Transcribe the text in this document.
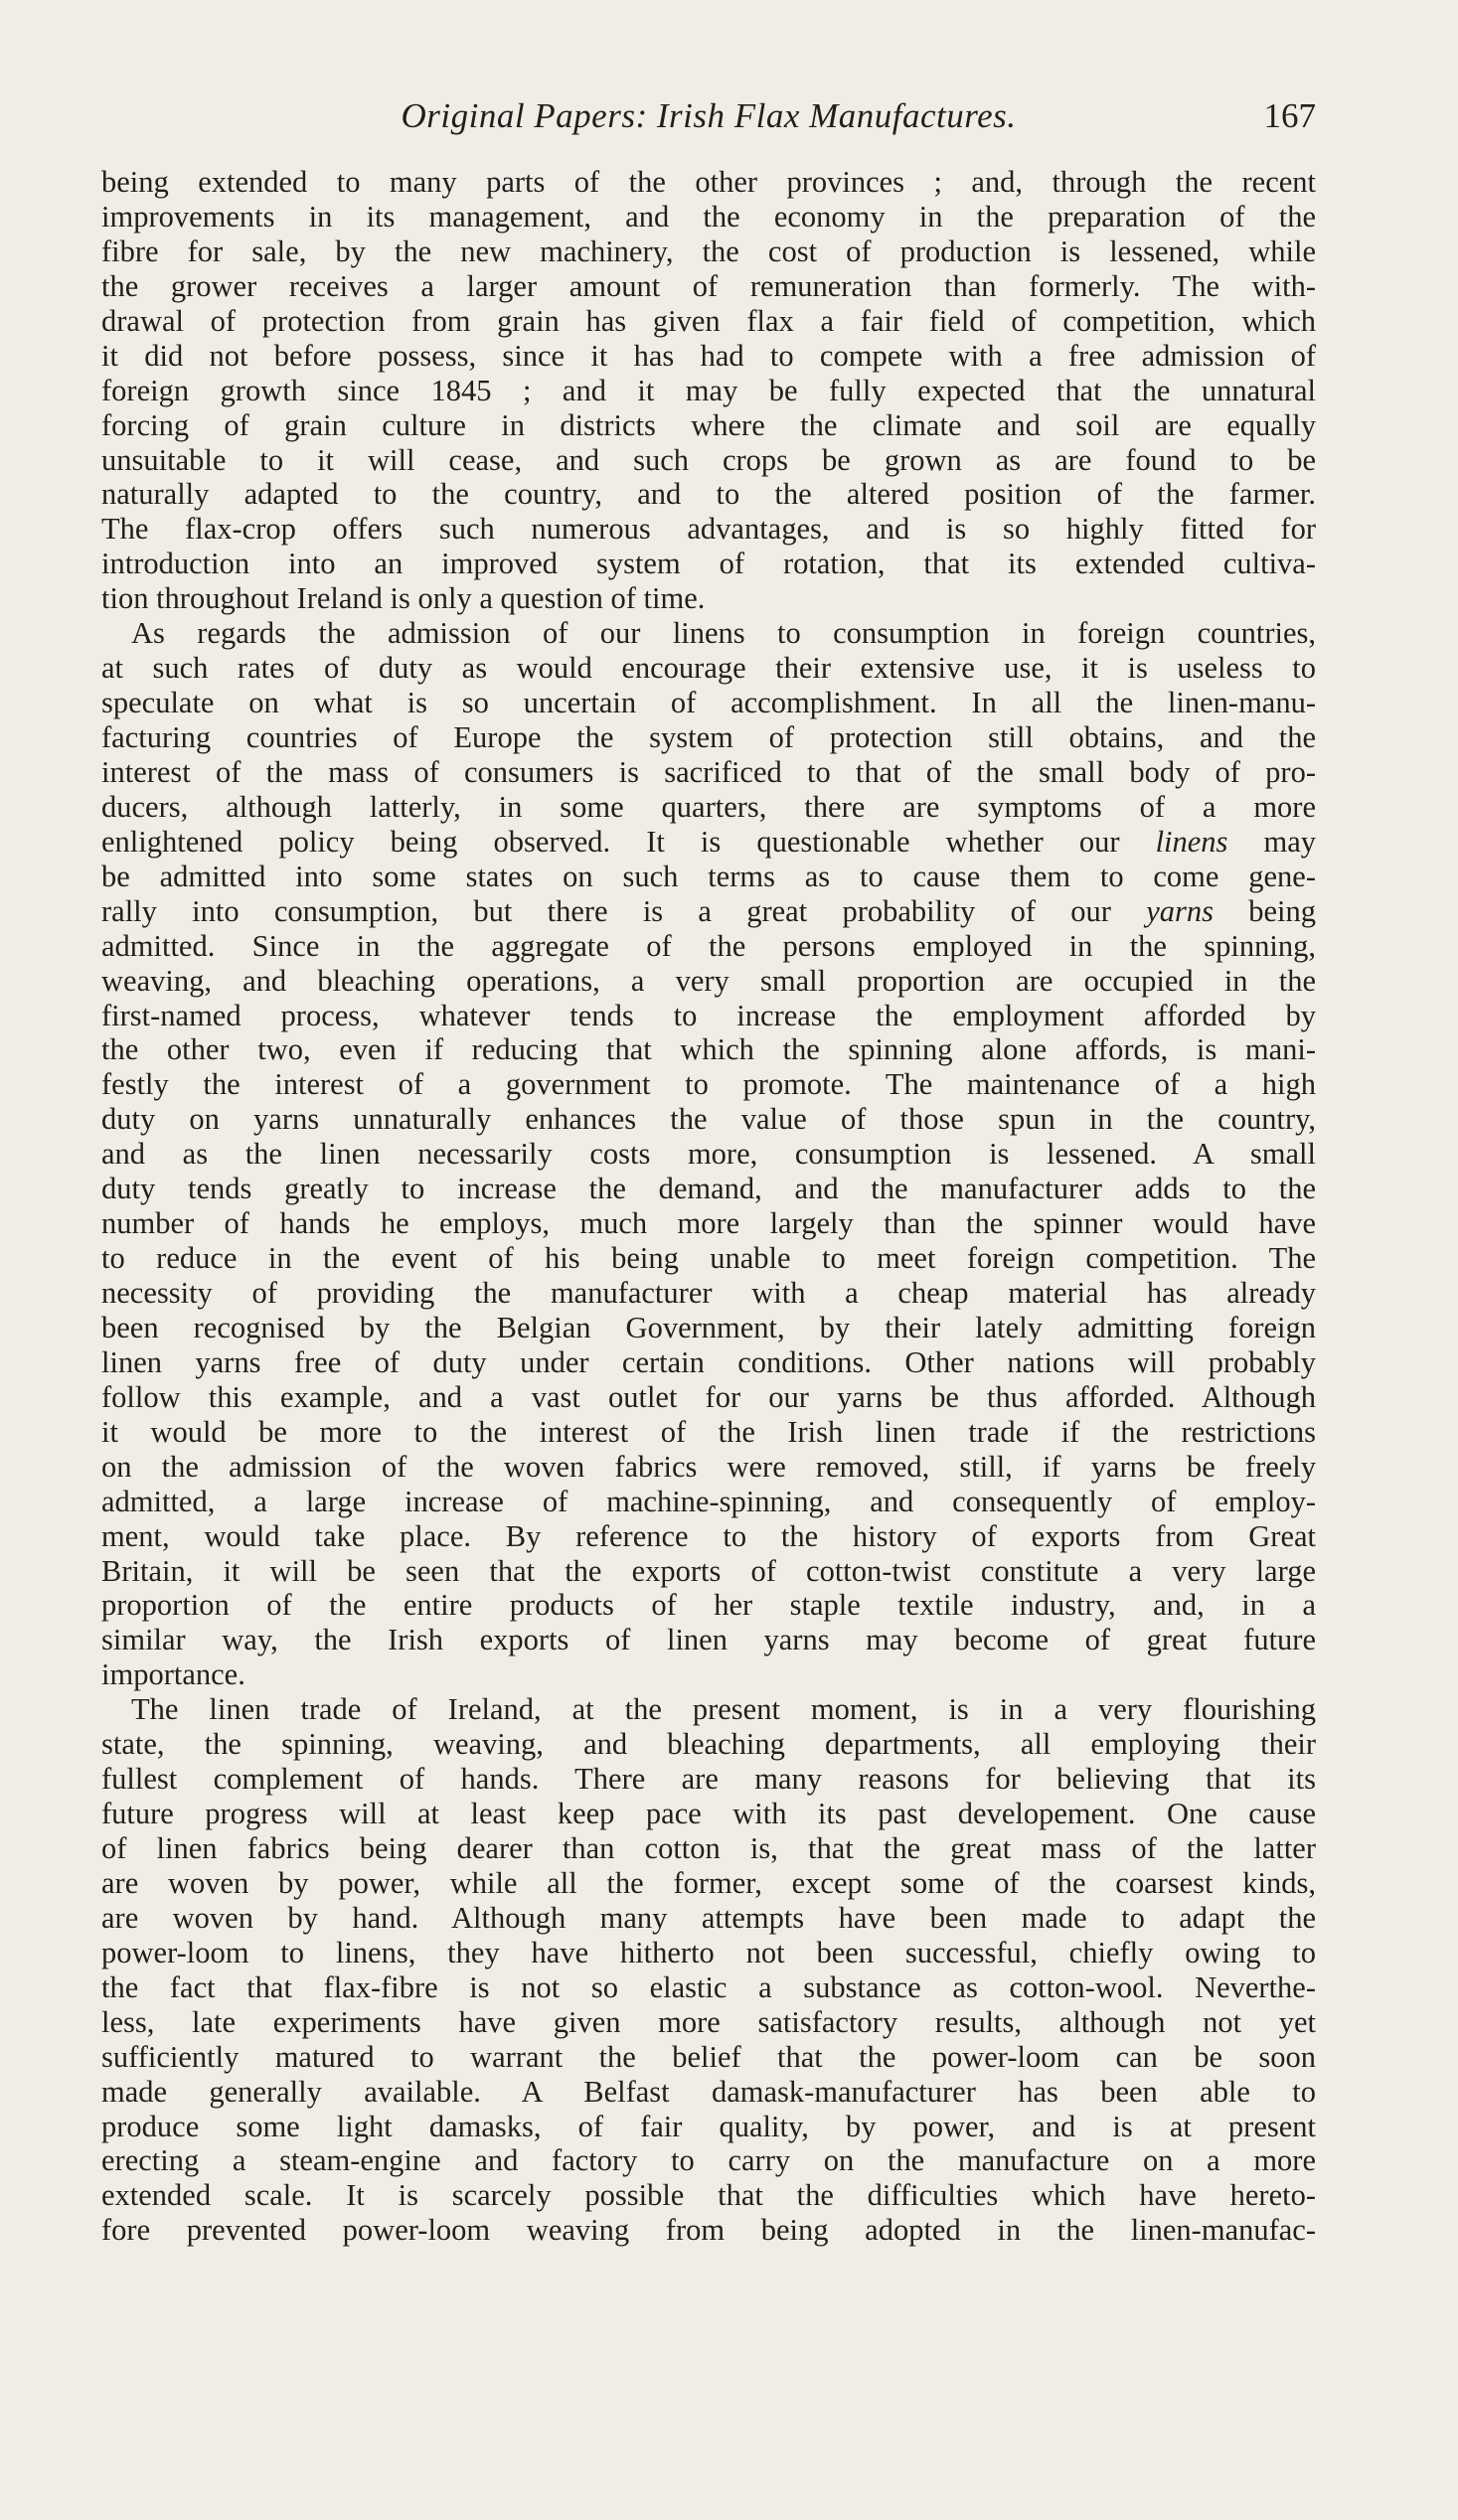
Original Papers: Irish Flax Manufactures.	167
being extended to many parts of the other provinces ; and, through the recent
improvements in its management, and the economy in the preparation of the
fibre for sale, by the new machinery, the cost of production is lessened, while
the grower receives a larger amount of remuneration than formerly. The with-
drawal of protection from grain has given flax a fair field of competition, which
it did not before possess, since it has had to compete with a free admission of
foreign growth since 1845 ; and it may be fully expected that the unnatural
forcing of grain culture in districts where the climate and soil are equally
unsuitable to it will cease, and such crops be grown as are found to be
naturally adapted to the country, and to the altered position of the farmer.
The flax-crop offers such numerous advantages, and is so highly fitted for
introduction into an improved system of rotation, that its extended cultiva-
tion throughout Ireland is only a question of time.
As regards the admission of our linens to consumption in foreign countries,
at such rates of duty as would encourage their extensive use, it is useless to
speculate on what is so uncertain of accomplishment. In all the linen-manu-
facturing countries of Europe the system of protection still obtains, and the
interest of the mass of consumers is sacrificed to that of the small body of pro-
ducers, although latterly, in some quarters, there are symptoms of a more
enlightened policy being observed. It is questionable whether our linens may
be admitted into some states on such terms as to cause them to come gene-
rally into consumption, but there is a great probability of our yarns being
admitted. Since in the aggregate of the persons employed in the spinning,
weaving, and bleaching operations, a very small proportion are occupied in the
first-named process, whatever tends to increase the employment afforded by
the other two, even if reducing that which the spinning alone affords, is mani-
festly the interest of a government to promote. The maintenance of a high
duty on yarns unnaturally enhances the value of those spun in the country,
and as the linen necessarily costs more, consumption is lessened. A small
duty tends greatly to increase the demand, and the manufacturer adds to the
number of hands he employs, much more largely than the spinner would have
to reduce in the event of his being unable to meet foreign competition. The
necessity of providing the manufacturer with a cheap material has already
been recognised by the Belgian Government, by their lately admitting foreign
linen yarns free of duty under certain conditions. Other nations will probably
follow this example, and a vast outlet for our yarns be thus afforded. Although
it would be more to the interest of the Irish linen trade if the restrictions
on the admission of the woven fabrics were removed, still, if yarns be freely
admitted, a large increase of machine-spinning, and consequently of employ-
ment, would take place. By reference to the history of exports from Great
Britain, it will be seen that the exports of cotton-twist constitute a very large
proportion of the entire products of her staple textile industry, and, in a
similar way, the Irish exports of linen yarns may become of great future
importance.
The linen trade of Ireland, at the present moment, is in a very flourishing
state, the spinning, weaving, and bleaching departments, all employing their
fullest complement of hands. There are many reasons for believing that its
future progress will at least keep pace with its past developement. One cause
of linen fabrics being dearer than cotton is, that the great mass of the latter
are woven by power, while all the former, except some of the coarsest kinds,
are woven by hand. Although many attempts have been made to adapt the
power-loom to linens, they have hitherto not been successful, chiefly owing to
the fact that flax-fibre is not so elastic a substance as cotton-wool. Neverthe-
less, late experiments have given more satisfactory results, although not yet
sufficiently matured to warrant the belief that the power-loom can be soon
made generally available. A Belfast damask-manufacturer has been able to
produce some light damasks, of fair quality, by power, and is at present
erecting a steam-engine and factory to carry on the manufacture on a more
extended scale. It is scarcely possible that the difficulties which have hereto-
fore prevented power-loom weaving from being adopted in the linen-manufac-
